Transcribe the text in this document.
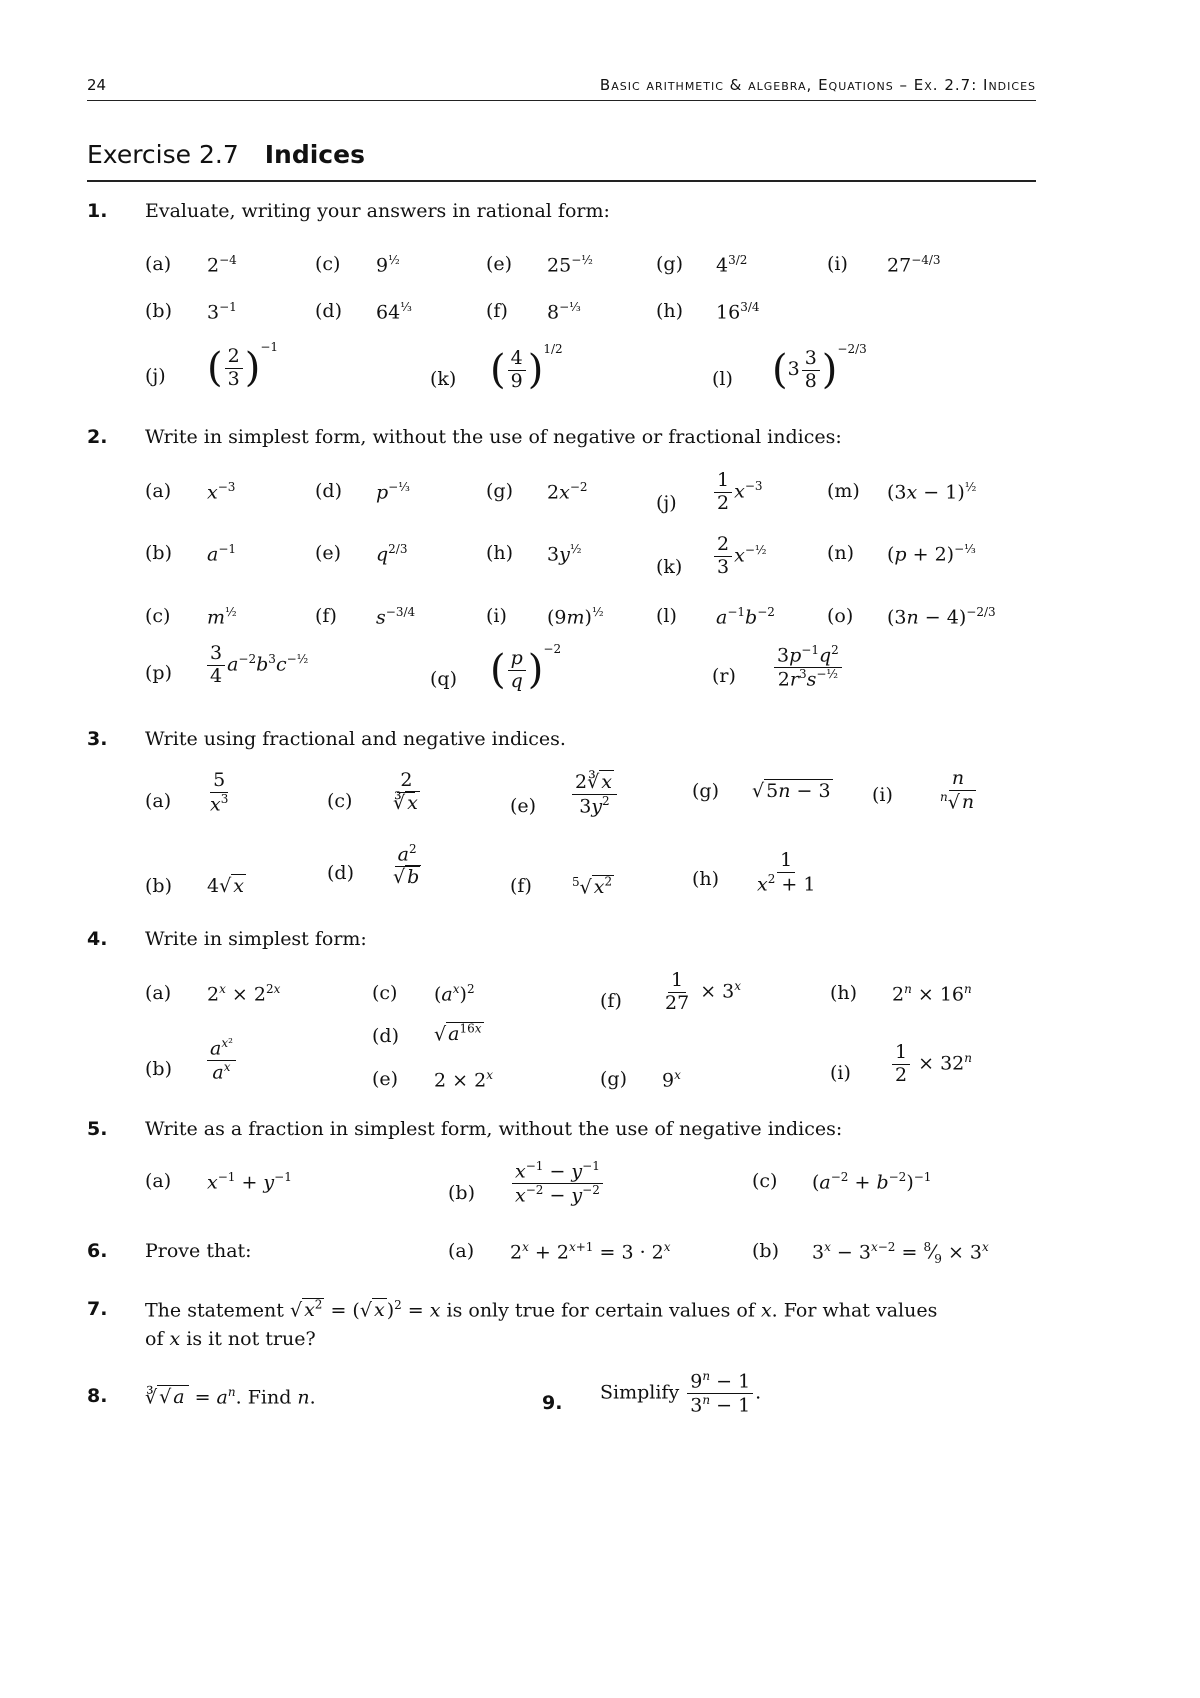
24	Basic arithmetic & algebra, Equations – Ex. 2.7: Indices
Exercise 2.7 Indices
1. Evaluate, writing your answers in rational form:
(a) $2^{-4}$
(b) $3^{-1}$
(c) $9^{\frac{1}{2}}$
(d) $64^{\frac{1}{3}}$
(e) $25^{-\frac{1}{2}}$
(f) $8^{-\frac{1}{3}}$
(g) $4^{3/2}$
(h) $16^{3/4}$
(i) $27^{-4/3}$
(j) ( $\frac{2}{3} )^{-1}$
(k) ( $\frac{4}{9} )^{1/2}$
(l) $(3 \frac{3}{8} )^{-2/3}$
2. Write in simplest form, without the use of negative or fractional indices:
(a) $x^{-3}$
(b) $a^{-1}$
(c) $m^{\frac{1}{2}}$
(d) $p^{-\frac{1}{3}}$
(e) $q^{2/3}$
(f) $s^{-3/4}$
(g) $2x^{-2}$
(h) $3y^{\frac{1}{2}}$
(i) $(9m)^{\frac{1}{2}}$
$(j) \frac{1}{2} x^{-3}$
$(k) \frac{2}{3} x^{-\frac{1}{2}}$
(l) $a^{-1}b^{-2}$
(m) $(3x - 1)^{\frac{1}{2}}$
(n) $(p + 2)^{-\frac{1}{3}}$
(o) $(3n - 4)^{-2/3}$
$(p) \frac{3}{4} a^{-2}b^3c^{-\frac{1}{2}}$
(q) ( $\frac{p}{q} )^{-2}$
$(r) \frac{3p^{-1}q^2}{2r^3s^{-\frac{1}{2}}}$
3. Write using fractional and negative indices.
$(a) \frac{5}{x^3}$
(b) 4√ x
$(c) \frac{2}{∛ x}$
$(d) \frac{a^2}{√ b}$
$(e) \frac{2∛ x}{3y^2}$
(f)	$^5$√ $x^2$
(g) √ 5n − 3
$(h) \frac{1}{x^2 + 1}$
$(i) \frac{n}{^n√ n}$
4. Write in simplest form:
(a) $2^x \times 2^{2x}$
$(b) \frac{a^{x^2}}{a^x}$
(c) $(a^x)^2$
(d) √ $a^{16x}$
(e) $2 \times 2^x$
$(f) \frac{1}{27} \times 3^x$
(g) 9$^x$
(h) $2^n \times 16^n$
$(i) \frac{1}{2} \times 32^n$
5. Write as a fraction in simplest form, without the use of negative indices:
(a) $x^{-1} + y^{-1}$
$(b) \frac{x^{-1} - y^{-1}}{x^{-2} - y^{-2}}$	(c) $(a^{-2} + b^{-2})^{-1}$
6. Prove that:	(a) $2^x + 2^{x+1} = 3 \cdot 2^x$	(b) $3^x - 3^{x-2}$ = $^8⁄_9 \times 3^x$
7. The statement √ $x^2$ = (√ x )$^2$ = x is only true for certain values of x. For what values
of x is it not true?
8. ∛ √ $a = a^n$. Find n.	9. Simplify $\frac{9^n - 1}{3^n - 1}$ .
